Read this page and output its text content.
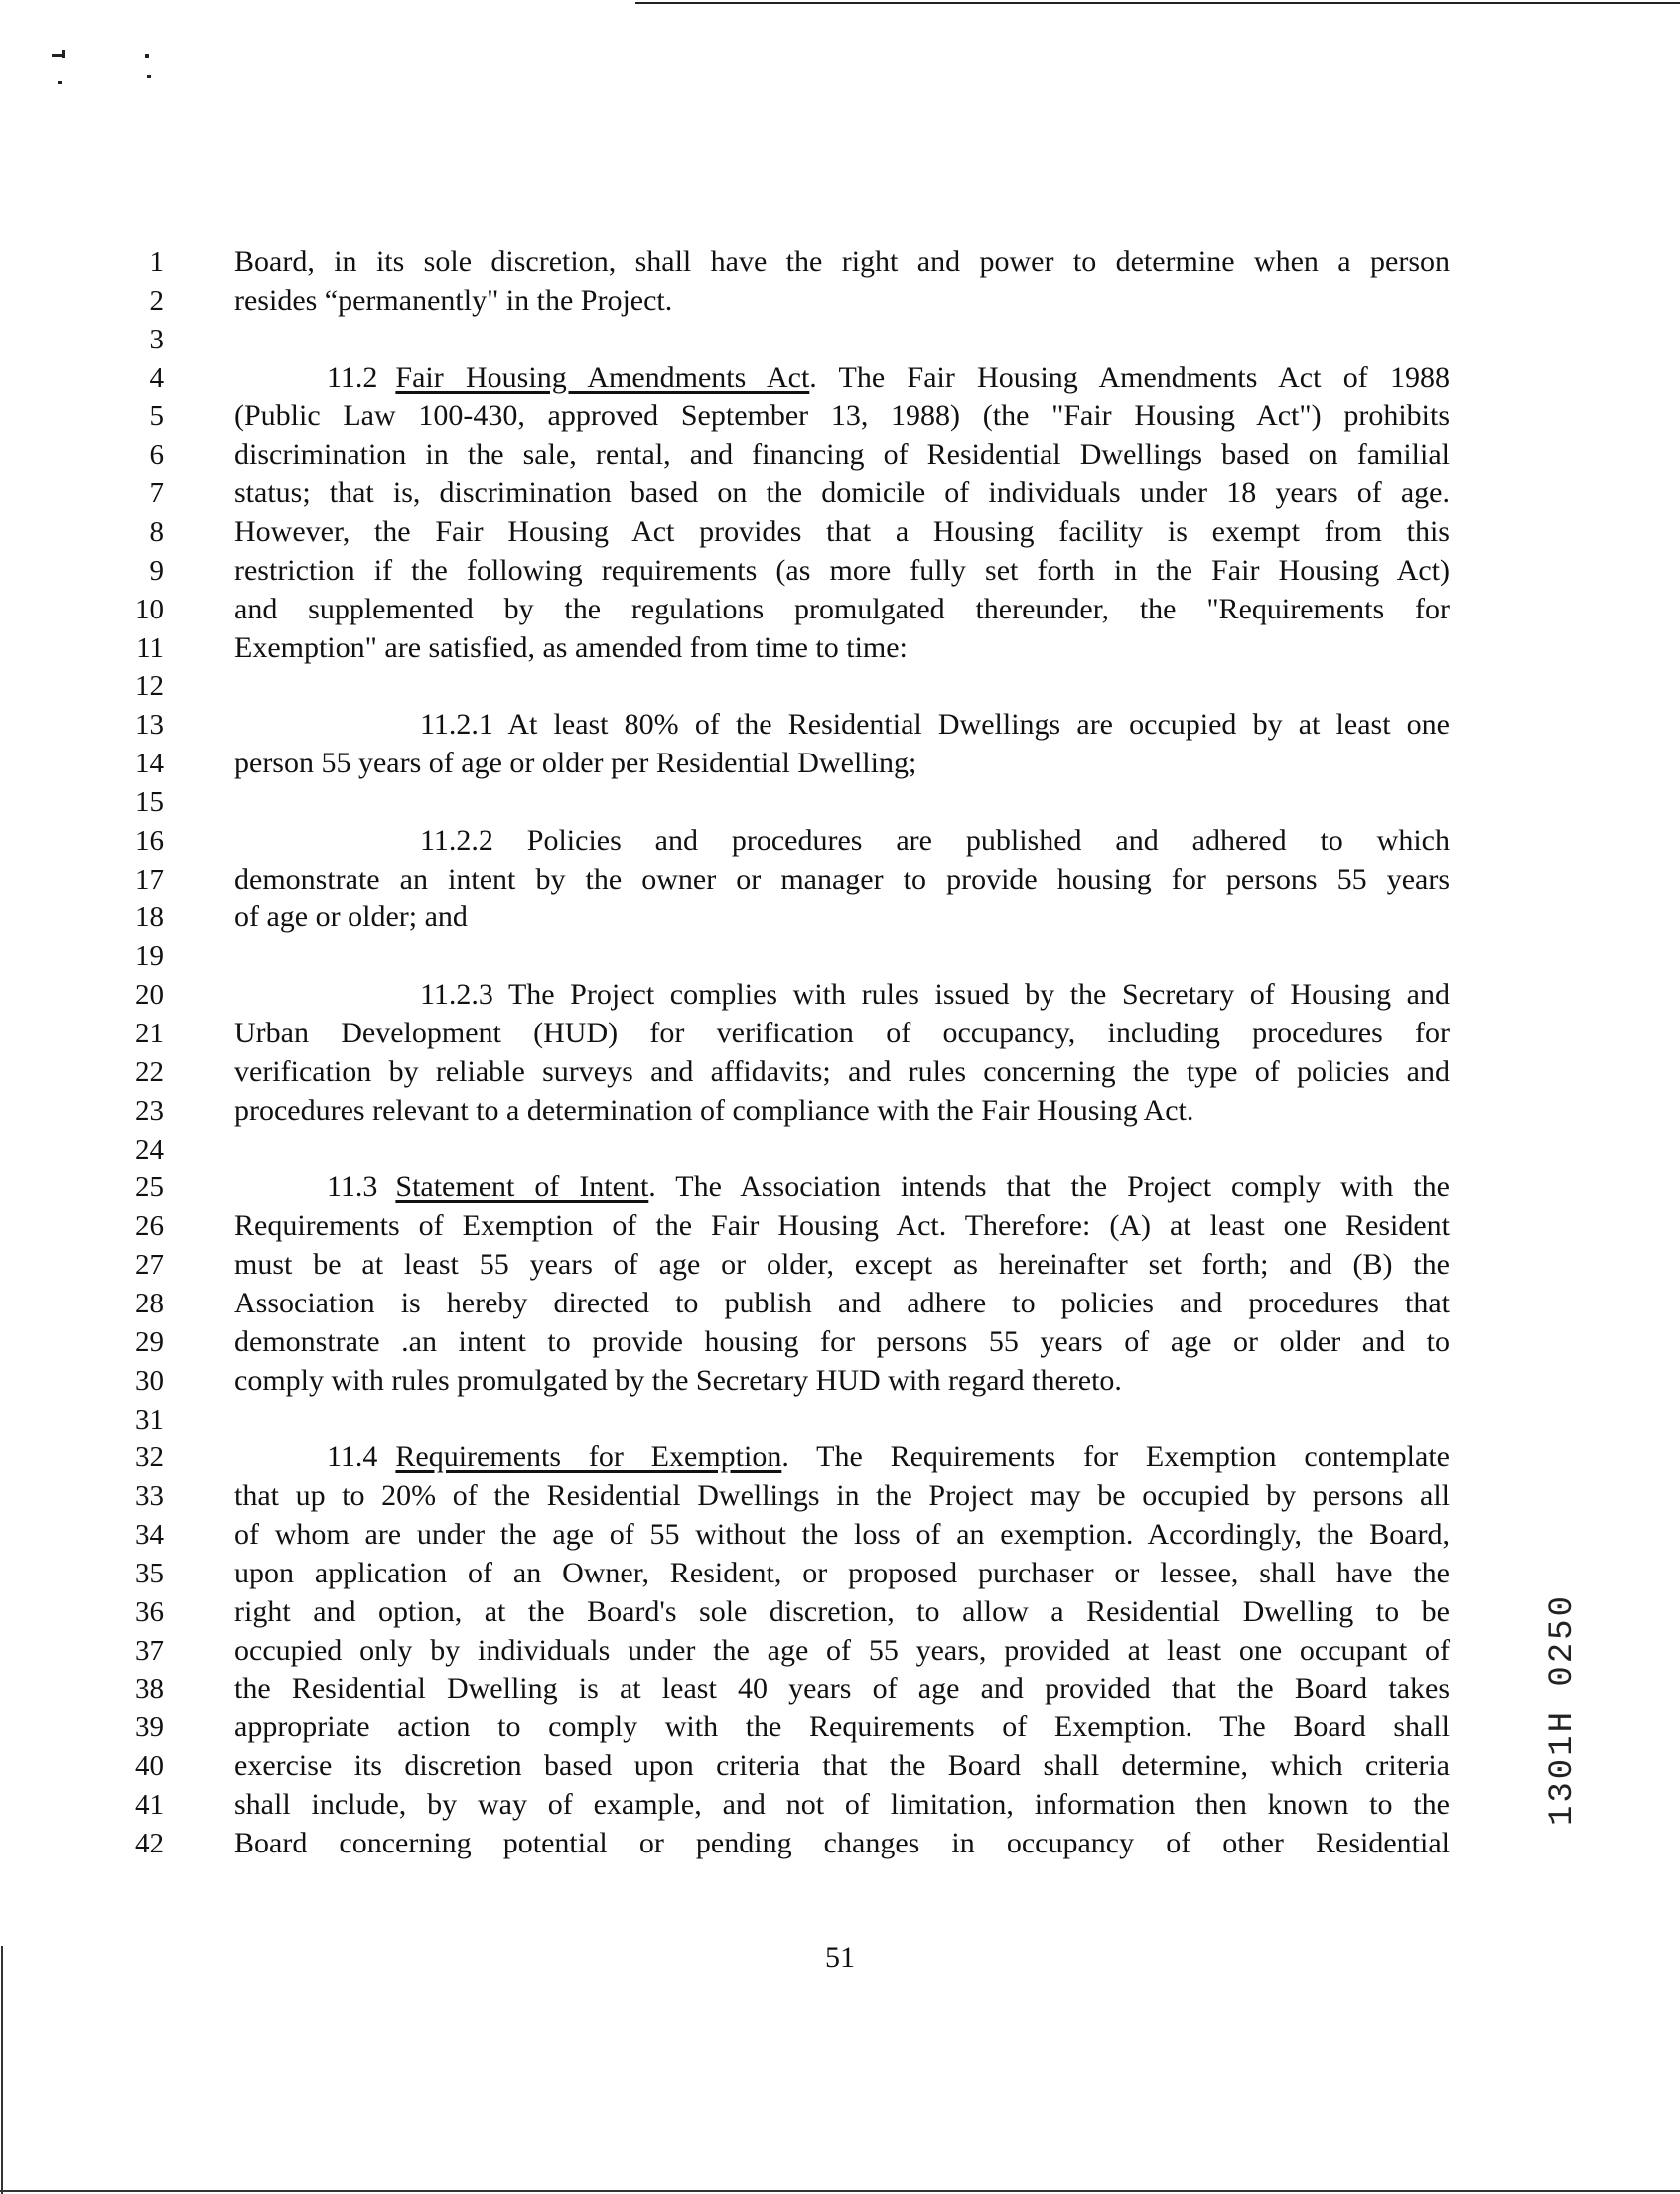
1 Board, in its sole discretion, shall have the right and power to determine when a person
2 resides “permanently" in the Project.
3
4	11.2 Fair Housing Amendments Act. The Fair Housing Amendments Act of 1988
5 (Public Law 100-430, approved September 13, 1988) (the "Fair Housing Act") prohibits
6 discrimination in the sale, rental, and financing of Residential Dwellings based on familial
7 status; that is, discrimination based on the domicile of individuals under 18 years of age.
8 However, the Fair Housing Act provides that a Housing facility is exempt from this
9 restriction if the following requirements (as more fully set forth in the Fair Housing Act)
10 and supplemented by the regulations promulgated thereunder, the "Requirements for
11 Exemption" are satisfied, as amended from time to time:
12
13	11.2.1 At least 80% of the Residential Dwellings are occupied by at least one
14 person 55 years of age or older per Residential Dwelling;
15
16	11.2.2 Policies and procedures are published and adhered to which
17 demonstrate an intent by the owner or manager to provide housing for persons 55 years
18 of age or older; and
19
20	11.2.3 The Project complies with rules issued by the Secretary of Housing and
21 Urban Development (HUD) for verification of occupancy, including procedures for
22 verification by reliable surveys and affidavits; and rules concerning the type of policies and
23 procedures relevant to a determination of compliance with the Fair Housing Act.
24
25	11.3 Statement of Intent. The Association intends that the Project comply with the
26 Requirements of Exemption of the Fair Housing Act. Therefore: (A) at least one Resident
27 must be at least 55 years of age or older, except as hereinafter set forth; and (B) the
28 Association is hereby directed to publish and adhere to policies and procedures that
29 demonstrate .an intent to provide housing for persons 55 years of age or older and to
30 comply with rules promulgated by the Secretary HUD with regard thereto.
31
32	11.4 Requirements for Exemption. The Requirements for Exemption contemplate
33 that up to 20% of the Residential Dwellings in the Project may be occupied by persons all
34 of whom are under the age of 55 without the loss of an exemption. Accordingly, the Board,
35 upon application of an Owner, Resident, or proposed purchaser or lessee, shall have the
36 right and option, at the Board's sole discretion, to allow a Residential Dwelling to be
37 occupied only by individuals under the age of 55 years, provided at least one occupant of
38 the Residential Dwelling is at least 40 years of age and provided that the Board takes
39 appropriate action to comply with the Requirements of Exemption. The Board shall
40 exercise its discretion based upon criteria that the Board shall determine, which criteria
41 shall include, by way of example, and not of limitation, information then known to the
42 Board concerning potential or pending changes in occupancy of other Residential
51
1301H 0250
